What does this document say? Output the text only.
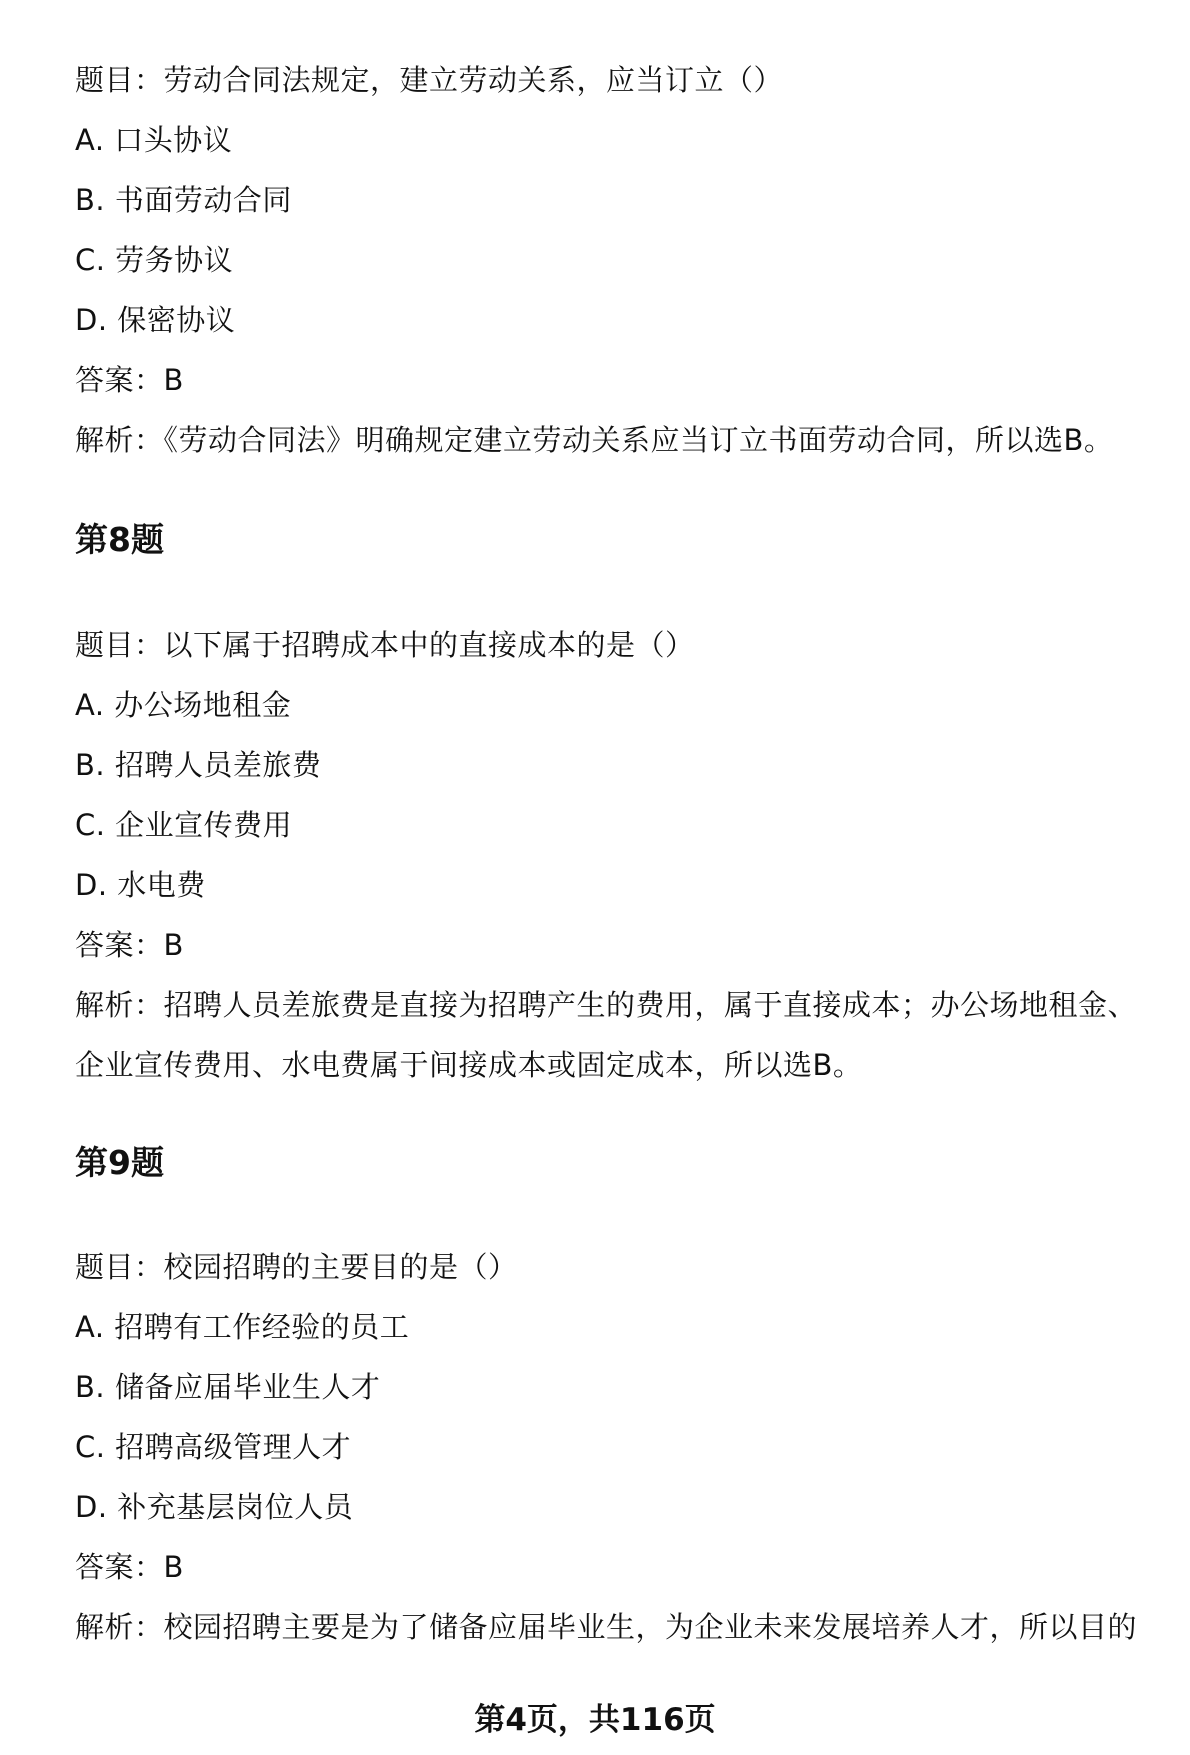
题目：劳动合同法规定，建立劳动关系，应当订立（）
A. 口头协议
B. 书面劳动合同
C. 劳务协议
D. 保密协议
答案：B
解析：《劳动合同法》明确规定建立劳动关系应当订立书面劳动合同，所以选B。
第8题
题目：以下属于招聘成本中的直接成本的是（）
A. 办公场地租金
B. 招聘人员差旅费
C. 企业宣传费用
D. 水电费
答案：B
解析：招聘人员差旅费是直接为招聘产生的费用，属于直接成本；办公场地租金、
企业宣传费用、水电费属于间接成本或固定成本，所以选B。
第9题
题目：校园招聘的主要目的是（）
A. 招聘有工作经验的员工
B. 储备应届毕业生人才
C. 招聘高级管理人才
D. 补充基层岗位人员
答案：B
解析：校园招聘主要是为了储备应届毕业生，为企业未来发展培养人才，所以目的
第4页，共116页
